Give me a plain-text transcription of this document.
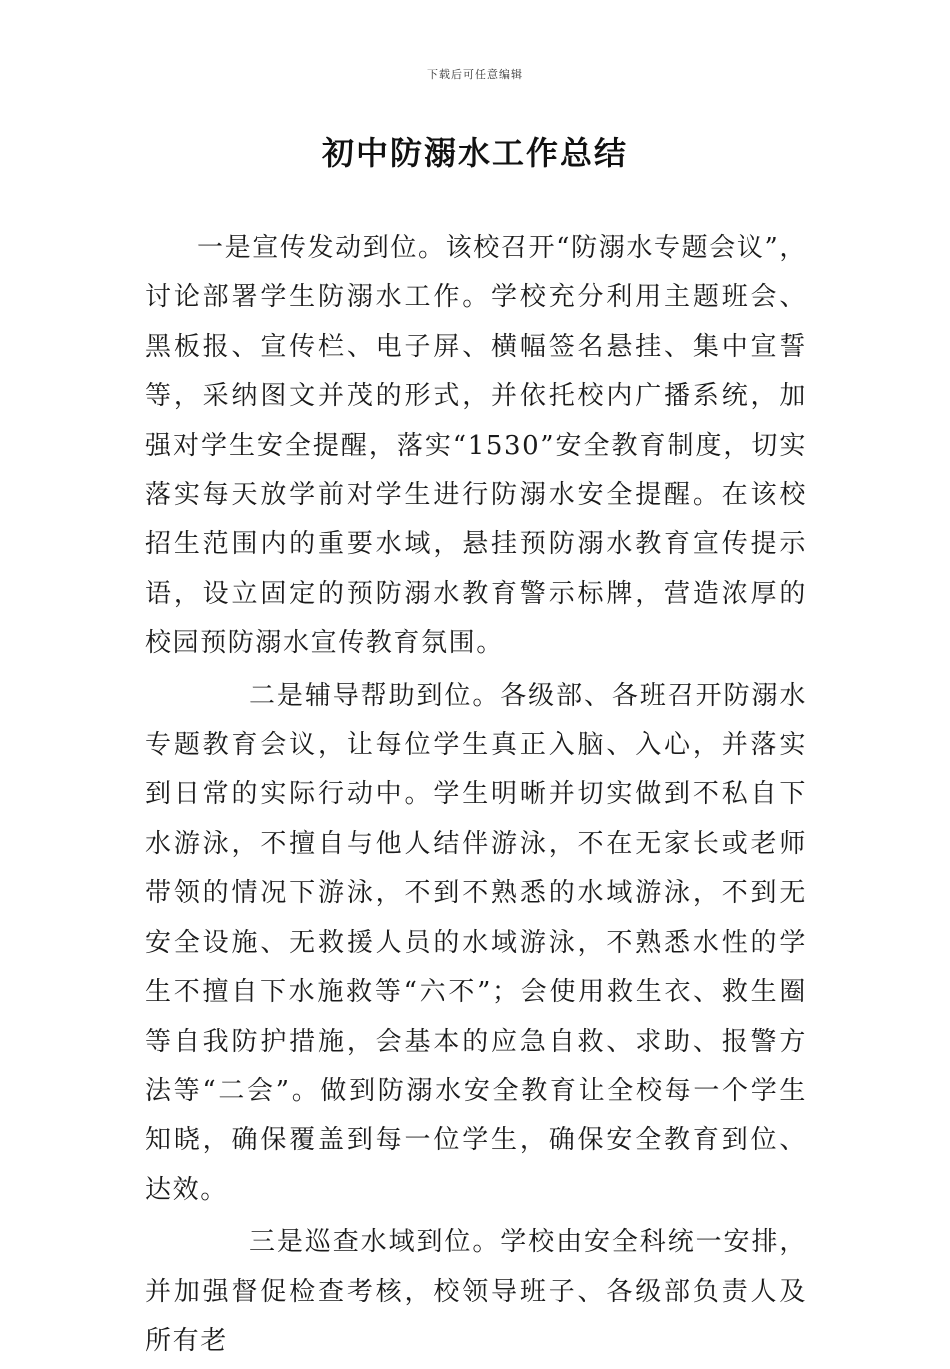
下载后可任意编辑
初中防溺水工作总结

一是宣传发动到位。该校召开“防溺水专题会议”，讨论部署学生防溺水工作。学校充分利用主题班会、黑板报、宣传栏、电子屏、横幅签名悬挂、集中宣誓等，采纳图文并茂的形式，并依托校内广播系统，加强对学生安全提醒，落实“1530”安全教育制度，切实落实每天放学前对学生进行防溺水安全提醒。在该校招生范围内的重要水域，悬挂预防溺水教育宣传提示语，设立固定的预防溺水教育警示标牌，营造浓厚的校园预防溺水宣传教育氛围。

二是辅导帮助到位。各级部、各班召开防溺水专题教育会议，让每位学生真正入脑、入心，并落实到日常的实际行动中。学生明晰并切实做到不私自下水游泳，不擅自与他人结伴游泳，不在无家长或老师带领的情况下游泳，不到不熟悉的水域游泳，不到无安全设施、无救援人员的水域游泳，不熟悉水性的学生不擅自下水施救等“六不”；会使用救生衣、救生圈等自我防护措施，会基本的应急自救、求助、报警方法等“二会”。做到防溺水安全教育让全校每一个学生知晓，确保覆盖到每一位学生，确保安全教育到位、达效。

三是巡查水域到位。学校由安全科统一安排，并加强督促检查考核，校领导班子、各级部负责人及所有老
